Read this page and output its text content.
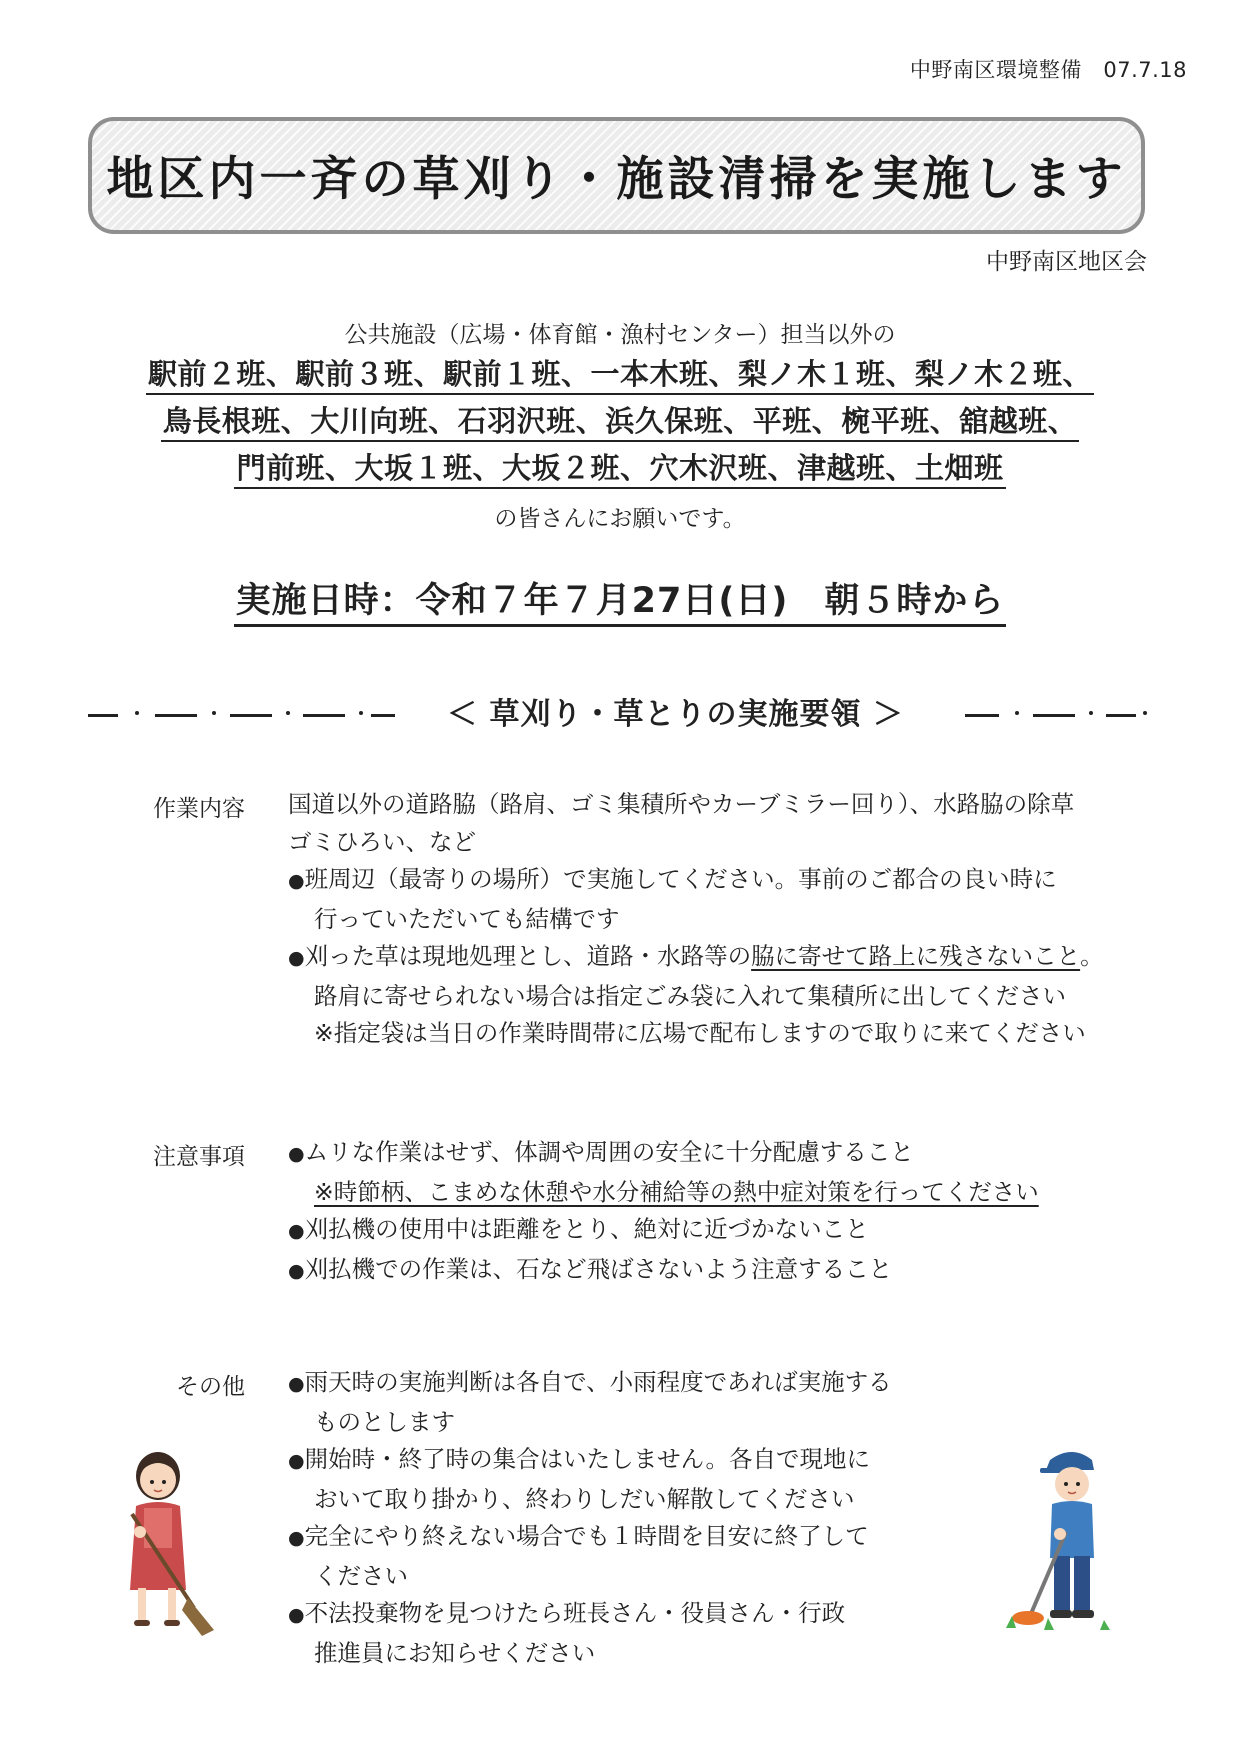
中野南区環境整備　07.7.18
地区内一斉の草刈り・施設清掃を実施します
中野南区地区会
公共施設（広場・体育館・漁村センター）担当以外の
駅前２班、駅前３班、駅前１班、一本木班、梨ノ木１班、梨ノ木２班、
鳥長根班、大川向班、石羽沢班、浜久保班、平班、椀平班、舘越班、
門前班、大坂１班、大坂２班、穴木沢班、津越班、土畑班
の皆さんにお願いです。
実施日時：令和７年７月27日(日)　朝５時から
＜ 草刈り・草とりの実施要領 ＞
作業内容 国道以外の道路脇（路肩、ゴミ集積所やカーブミラー回り）、水路脇の除草
ゴミひろい、など
● 班周辺（最寄りの場所）で実施してください。事前のご都合の良い時に
行っていただいても結構です
● 刈った草は現地処理とし、道路・水路等の脇に寄せて路上に残さないこと。
路肩に寄せられない場合は指定ごみ袋に入れて集積所に出してください
※指定袋は当日の作業時間帯に広場で配布しますので取りに来てください
注意事項	● ムリな作業はせず、体調や周囲の安全に十分配慮すること
※時節柄、こまめな休憩や水分補給等の熱中症対策を行ってください
● 刈払機の使用中は距離をとり、絶対に近づかないこと
● 刈払機での作業は、石など飛ばさないよう注意すること
その他	● 雨天時の実施判断は各自で、小雨程度であれば実施する
ものとします
● 開始時・終了時の集合はいたしません。各自で現地に
おいて取り掛かり、終わりしだい解散してください
● 完全にやり終えない場合でも１時間を目安に終了して
ください
● 不法投棄物を見つけたら班長さん・役員さん・行政
推進員にお知らせください
